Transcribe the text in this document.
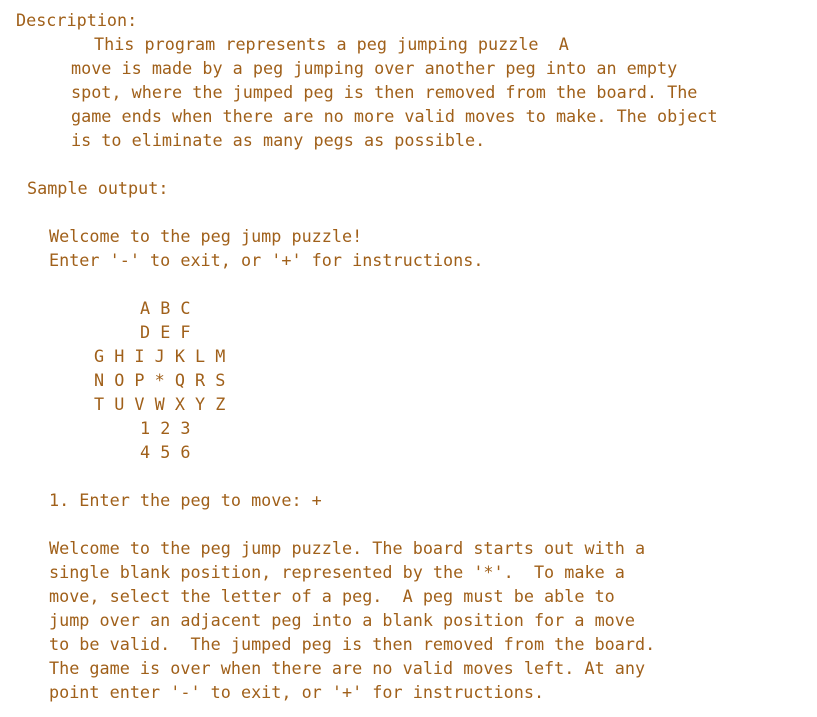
Description:
This program represents a peg jumping puzzle  A
move is made by a peg jumping over another peg into an empty
spot, where the jumped peg is then removed from the board. The
game ends when there are no more valid moves to make. The object
is to eliminate as many pegs as possible.
Sample output:
Welcome to the peg jump puzzle!
Enter '-' to exit, or '+' for instructions.
A B C
D E F
G H I J K L M
N O P * Q R S
T U V W X Y Z
1 2 3
4 5 6
1. Enter the peg to move: +
Welcome to the peg jump puzzle. The board starts out with a
single blank position, represented by the '*'.  To make a
move, select the letter of a peg.  A peg must be able to
jump over an adjacent peg into a blank position for a move
to be valid.  The jumped peg is then removed from the board.
The game is over when there are no valid moves left. At any
point enter '-' to exit, or '+' for instructions.
